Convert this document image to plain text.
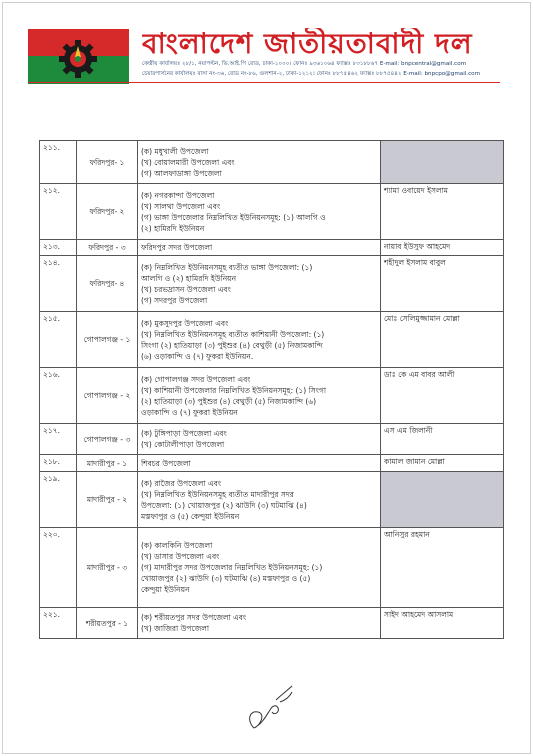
বাংলাদেশ জাতীয়তাবাদী দল
কেন্দ্রীয় কার্যালয়ঃ ২৮/১, নয়াপল্টন, ভি.আই.পি রোড, ঢাকা-১০০০। ফোনঃ ৯৩৬১০৬৪ ফ্যাক্সঃ ৮৩১৮৮৬৭ E-mail: bnpcentral@gmail.com
চেয়ারপার্সনের কার্যালয়ঃ বাসা নং-৩৬, রোড নং-৮৬, গুলশান-২, ঢাকা-১২১২। ফোনঃ ৮৮৭৫৪৬২ ফ্যাক্সঃ ৮৮৭৫৪৪২ E-mail: bnpcpo@gmail.com
২১১.	ফরিদপুর- ১	(ক) মধুখালী উপজেলা
(খ) বোয়ালমারী উপজেলা এবং
(গ) আলফাডাঙ্গা উপজেলা	

২১২.	ফরিদপুর- ২	(ক) নগরকান্দা উপজেলা
(খ) সালথা উপজেলা এবং
(গ) ভাঙ্গা উপজেলার নিম্নলিখিত ইউনিয়নসমূহ: (১) আলগি ও
(২) হামিরদি ইউনিয়ন	শ্যামা ওবায়েদ ইসলাম
২১৩.	ফরিদপুর - ৩	ফরিদপুর সদর উপজেলা	নায়াব ইউসুফ আহমেদ
২১৪.	ফরিদপুর- ৪	(ক) নিম্নলিখিত ইউনিয়নসমূহ ব্যতীত ভাঙ্গা উপজেলা: (১)
আলগি ও (২) হামিরদি ইউনিয়ন
(খ) চরভদ্রাসন উপজেলা এবং
(গ) সদরপুর উপজেলা	শহীদুল ইসলাম বাবুল
২১৫.	গোপালগঞ্জ - ১	(ক) মুকসুদপুর উপজেলা এবং
(খ) নিম্নলিখিত ইউনিয়নসমূহ ব্যতীত কাশিয়ানী উপজেলা: (১)
সিংগা (২) হাতিয়াড়া (৩) পুইশুর (৪) বেথুড়ী (৫) নিজামকান্দি
(৬) ওড়াকান্দি ও (৭) ফুকরা ইউনিয়ন.	মোঃ সেলিমুজ্জামান মোল্লা
২১৬.	গোপালগঞ্জ - ২	(ক) গোপালগঞ্জ সদর উপজেলা এবং
(খ) কাশিয়ানী উপজেলার নিম্নলিখিত ইউনিয়নসমূহ: (১) সিংগা
(২) হাতিয়াড়া (৩) পুইশুর (৪) বেথুড়ী (৫) নিজামকান্দি (৬)
ওড়াকান্দি ও (৭) ফুকরা ইউনিয়ন	ডাঃ কে এম বাবর আলী
২১৭.	গোপালগঞ্জ - ৩	(ক) টুঙ্গিপাড়া উপজেলা এবং
(খ) কোটালীপাড়া উপজেলা	এস এম জিলানী
২১৮.	মাদারীপুর - ১	শিবচর উপজেলা	কামাল জামান মোল্লা
২১৯.	মাদারীপুর - ২	(ক) রাজৈর উপজেলা এবং
(খ) নিম্নলিখিত ইউনিয়নসমূহ ব্যতীত মাদারীপুর সদর
উপজেলা: (১) খোয়াজপুর (২) ঝাউদি (৩) ঘটমাঝি (৪)
মস্তফাপুর ও (৫) কেন্দুয়া ইউনিয়ন	

২২০.	মাদারীপুর - ৩	(ক) কালকিনি উপজেলা
(খ) ডাসার উপজেলা এবং
(গ) মাদারীপুর সদর উপজেলার নিম্নলিখিত ইউনিয়নসমূহ: (১)
খোয়াজপুর (২) ঝাউদি (৩) ঘটমাঝি (৪) মস্তফাপুর ও (৫)
কেন্দুয়া ইউনিয়ন	আনিসুর রহমান
২২১.	শরীয়তপুর - ১	(ক) শরীয়তপুর সদর উপজেলা এবং
(খ) জাজিরা উপজেলা	সাইদ আহমেদ আসলাম
